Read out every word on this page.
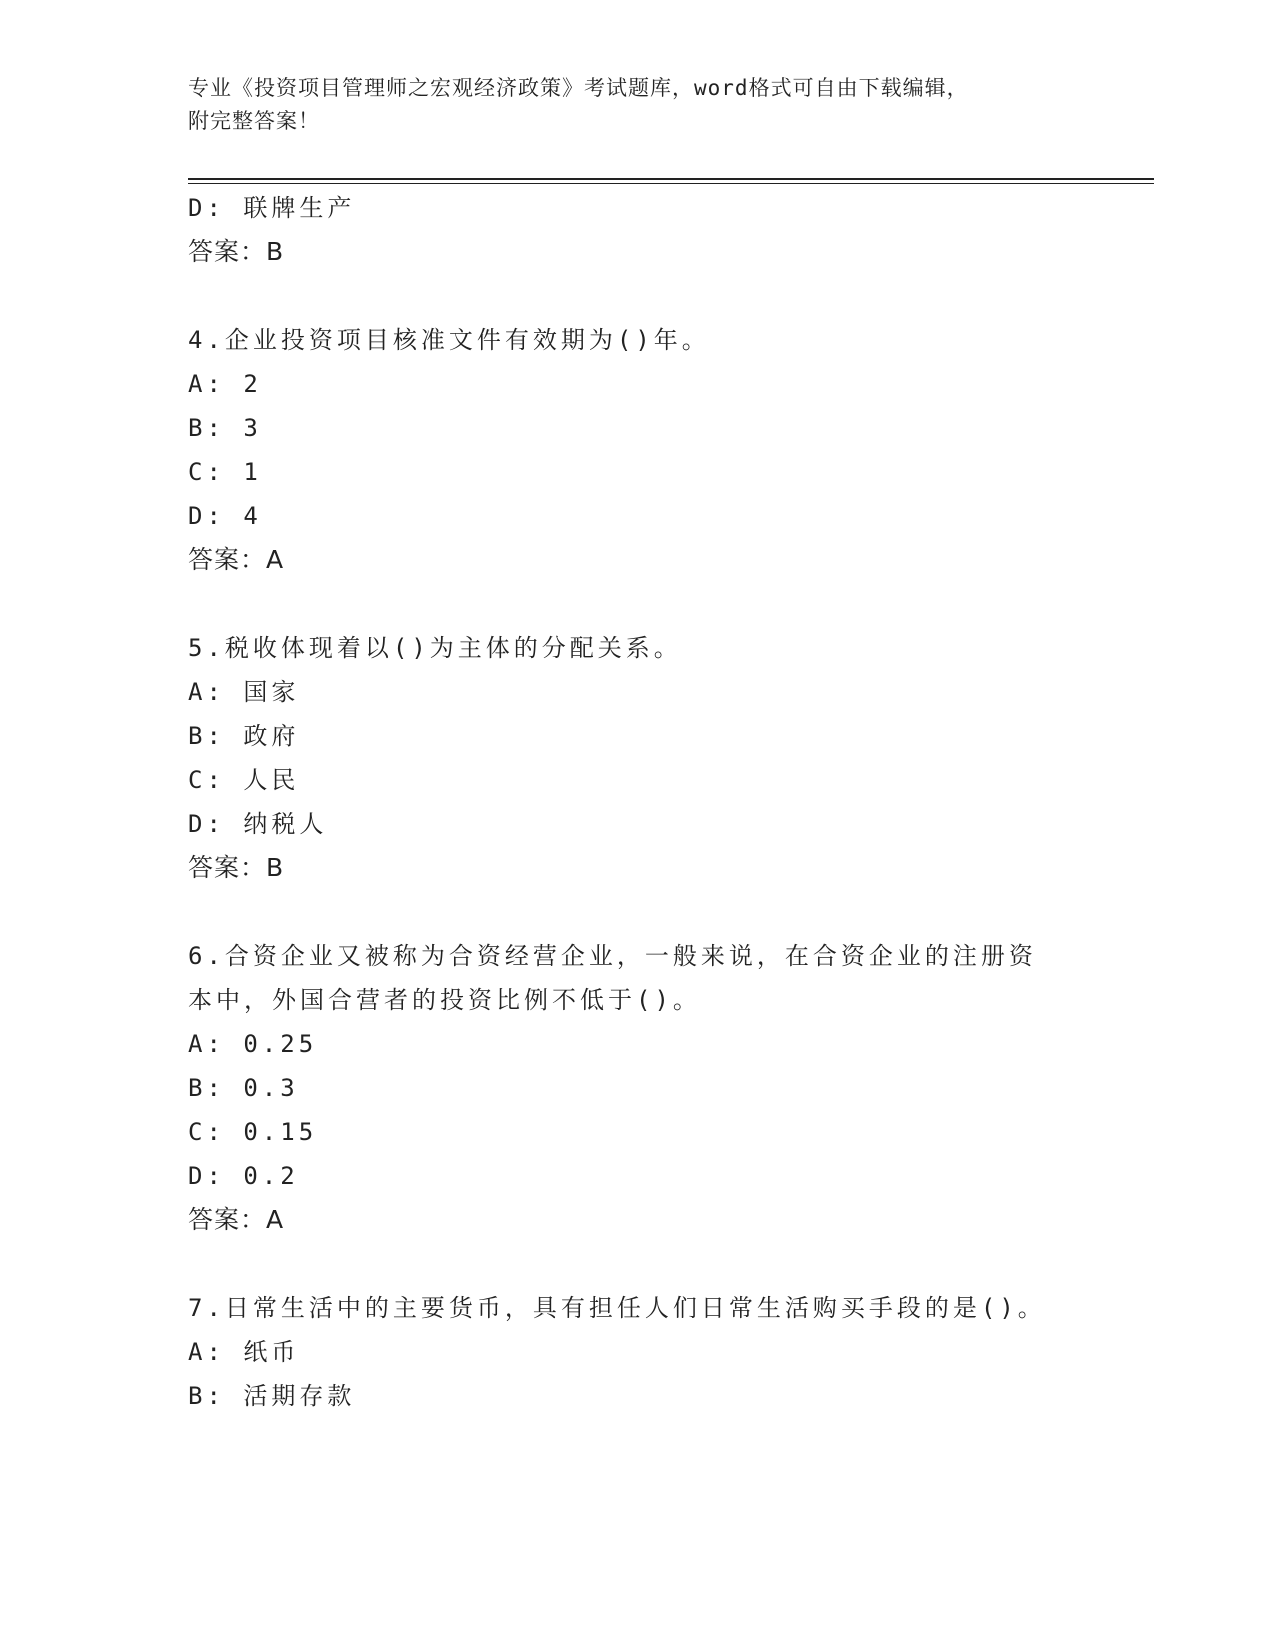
专业《投资项目管理师之宏观经济政策》考试题库，word格式可自由下载编辑，
附完整答案！
D: 联牌生产
答案：B
4.企业投资项目核准文件有效期为()年。
A: 2
B: 3
C: 1
D: 4
答案：A
5.税收体现着以()为主体的分配关系。
A: 国家
B: 政府
C: 人民
D: 纳税人
答案：B
6.合资企业又被称为合资经营企业，一般来说，在合资企业的注册资
本中，外国合营者的投资比例不低于()。
A: 0.25
B: 0.3
C: 0.15
D: 0.2
答案：A
7.日常生活中的主要货币，具有担任人们日常生活购买手段的是()。
A: 纸币
B: 活期存款
